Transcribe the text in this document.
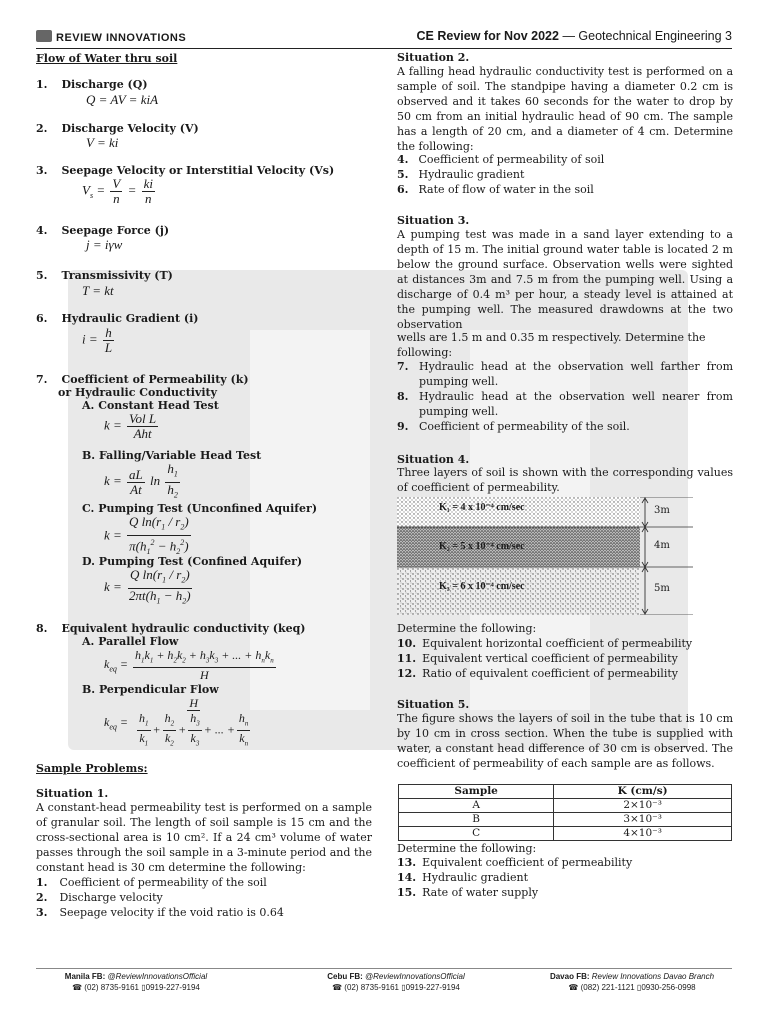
REVIEW INNOVATIONS	CE Review for Nov 2022 — Geotechnical Engineering 3
Flow of Water thru soil
1. Discharge (Q)
Q = AV = kiA
2. Discharge Velocity (V)
V = ki
3. Seepage Velocity or Interstitial Velocity (Vs)
$V_s = \frac{V}{n} = \frac{ki}{n}$
4. Seepage Force (j)
j = iγw
5. Transmissivity (T)
T = kt
6. Hydraulic Gradient (i)
$i = \frac{h}{L}$
7. Coefficient of Permeability (k)
or Hydraulic Conductivity
A. Constant Head Test
$k = \frac{\text{Vol L}}{\text{Aht}}$
B. Falling/Variable Head Test
$k = \frac{aL}{At}$ $\ln \frac{h_1}{h_2}$
C. Pumping Test (Unconfined Aquifer)
$k = \frac{Q \ln(r_1 / r_2)}{\pi(h_1^2 - h_2^2)}$
D. Pumping Test (Confined Aquifer)
$k = \frac{Q \ln(r_1 / r_2)}{2\pi t(h_1 - h_2)}$
8. Equivalent hydraulic conductivity (keq)
A. Parallel Flow
$k_{eq} = \frac{h_1k_1 + h_2k_2 + h_3k_3 + ... + h_nk_n}{H}$
B. Perpendicular Flow
$k_{eq} = \frac{H}{\frac{h_1}{k_1} + \frac{h_2}{k_2} + \frac{h_3}{k_3} + ... + \frac{h_n}{k_n}}$
Sample Problems:
Situation 1.
A constant-head permeability test is performed on a sample of granular soil. The length of soil sample is 15 cm and the cross-sectional area is 10 cm². If a 24 cm³ volume of water passes through the soil sample in a 3-minute period and the constant head is 30 cm determine the following:
1. Coefficient of permeability of the soil
2. Discharge velocity
3. Seepage velocity if the void ratio is 0.64
Situation 2.
A falling head hydraulic conductivity test is performed on a sample of soil. The standpipe having a diameter 0.2 cm is observed and it takes 60 seconds for the water to drop by 50 cm from an initial hydraulic head of 90 cm. The sample has a length of 20 cm, and a diameter of 4 cm. Determine the following:
4. Coefficient of permeability of soil
5. Hydraulic gradient
6. Rate of flow of water in the soil
Situation 3.
A pumping test was made in a sand layer extending to a depth of 15 m. The initial ground water table is located 2 m below the ground surface. Observation wells were sighted at distances 3m and 7.5 m from the pumping well. Using a discharge of 0.4 m³ per hour, a steady level is attained at the pumping well. The measured drawdowns at the two observation
wells are 1.5 m and 0.35 m respectively. Determine the following:
7. Hydraulic head at the observation well farther from pumping well.
8. Hydraulic head at the observation well nearer from pumping well.
9. Coefficient of permeability of the soil.
Situation 4.
Three layers of soil is shown with the corresponding values of coefficient of permeability.
K₁ = 4 x 10⁻⁴ cm/sec
K₂ = 5 x 10⁻⁴ cm/sec
K₃ = 6 x 10⁻⁴ cm/sec
3m
4m
5m
Determine the following:
10. Equivalent horizontal coefficient of permeability
11. Equivalent vertical coefficient of permeability
12. Ratio of equivalent coefficient of permeability
Situation 5.
The figure shows the layers of soil in the tube that is 10 cm by 10 cm in cross section. When the tube is supplied with water, a constant head difference of 30 cm is observed. The coefficient of permeability of each sample are as follows.
Sample	K (cm/s)
A	2×10⁻³
B	3×10⁻³
C	4×10⁻³
Determine the following:
13. Equivalent coefficient of permeability
14. Hydraulic gradient
15. Rate of water supply
Manila FB: @ReviewInnovationsOfficial
☎ (02) 8735-9161 ▯0919-227-9194
Cebu FB: @ReviewInnovationsOfficial
☎ (02) 8735-9161 ▯0919-227-9194
Davao FB: Review Innovations Davao Branch
☎ (082) 221-1121 ▯0930-256-0998
